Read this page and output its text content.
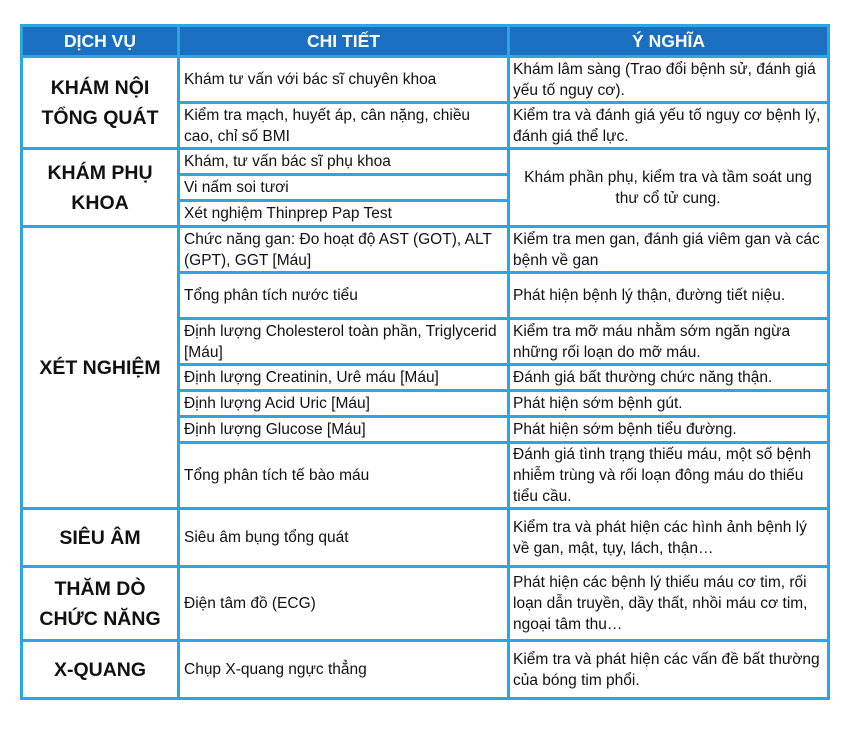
DỊCH VỤ	CHI TIẾT	Ý NGHĨA
KHÁM NỘI TỔNG QUÁT	Khám tư vấn với bác sĩ chuyên khoa	Khám lâm sàng (Trao đổi bệnh sử, đánh giá yếu tố nguy cơ).
	Kiểm tra mạch, huyết áp, cân nặng, chiều cao, chỉ số BMI	Kiểm tra và đánh giá yếu tố nguy cơ bệnh lý, đánh giá thể lực.
KHÁM PHỤ KHOA	Khám, tư vấn bác sĩ phụ khoa	Khám phần phụ, kiểm tra và tầm soát ung thư cổ tử cung.
	Vi nấm soi tươi	
	Xét nghiệm Thinprep Pap Test	
XÉT NGHIỆM	Chức năng gan: Đo hoạt độ AST (GOT), ALT (GPT), GGT [Máu]	Kiểm tra men gan, đánh giá viêm gan và các bệnh về gan
	Tổng phân tích nước tiểu	Phát hiện bệnh lý thận, đường tiết niệu.
	Định lượng Cholesterol toàn phần, Triglycerid [Máu]	Kiểm tra mỡ máu nhằm sớm ngăn ngừa những rối loạn do mỡ máu.
	Định lượng Creatinin, Urê máu [Máu]	Đánh giá bất thường chức năng thận.
	Định lượng Acid Uric [Máu]	Phát hiện sớm bệnh gút.
	Định lượng Glucose [Máu]	Phát hiện sớm bệnh tiểu đường.
	Tổng phân tích tế bào máu	Đánh giá tình trạng thiếu máu, một số bệnh nhiễm trùng và rối loạn đông máu do thiếu tiểu cầu.
SIÊU ÂM	Siêu âm bụng tổng quát	Kiểm tra và phát hiện các hình ảnh bệnh lý về gan, mật, tụy, lách, thận…
THĂM DÒ CHỨC NĂNG	Điện tâm đồ (ECG)	Phát hiện các bệnh lý thiếu máu cơ tim, rối loạn dẫn truyền, dầy thất, nhồi máu cơ tim, ngoại tâm thu…
X-QUANG	Chụp X-quang ngực thẳng	Kiểm tra và phát hiện các vấn đề bất thường của bóng tim phổi.
